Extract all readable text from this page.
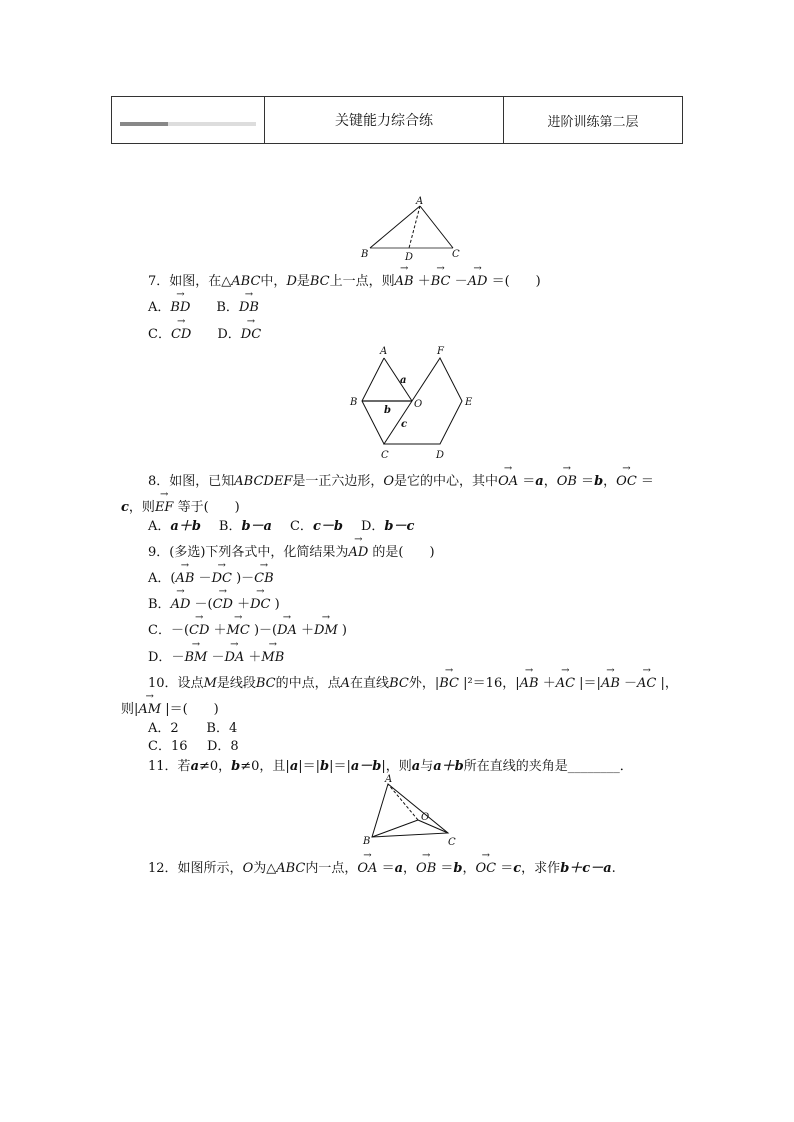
关键能力综合练	进阶训练第二层
A
B	C
D
7．如图，在△ABC中，D是BC上一点，则→ AB ＋→ BC －→ AD ＝(　　)
A．→ BD B．→ DB
C．→ CD D．→ DC
A	F
B	O	E
C	D
a
b
c
8．如图，已知ABCDEF是一正六边形，O是它的中心，其中→ OA ＝a，→ OB ＝b，→ OC ＝
c，则→ EF 等于(　　)
A．a＋b B．b－a C．c－b D．b－c
9．(多选)下列各式中，化简结果为→ AD 的是(　　)
A．(→ AB －→ DC )－→ CB
B．→ AD －(→ CD ＋→ DC )
C．－(→ CD ＋→ MC )－(→ DA ＋→ DM )
D．－→ BM －→ DA ＋→ MB
10．设点M是线段BC的中点，点A在直线BC外，|→ BC |²＝16，|→ AB ＋→ AC |＝|→ AB －→ AC |，
则|→ AM |＝(　　)
A．2 B．4
C．16 D．8
11．若a≠0，b≠0，且|a|＝|b|＝|a－b|，则a与a＋b所在直线的夹角是________．
A
B	C
O
12．如图所示，O为△ABC内一点，→ OA ＝a，→ OB ＝b，→ OC ＝c，求作b＋c－a.
